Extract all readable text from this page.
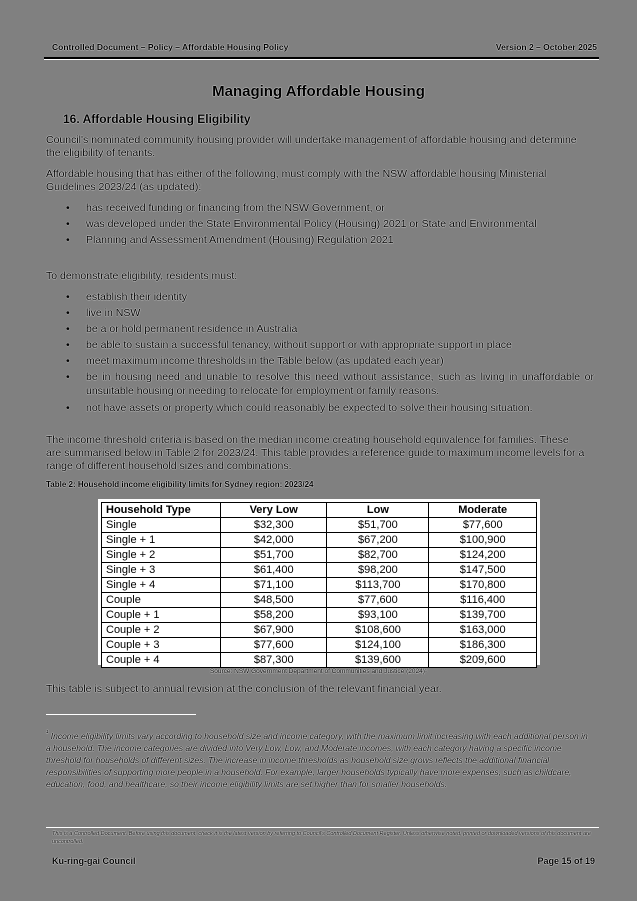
Controlled Document – Policy – Affordable Housing Policy	Version 2 – October 2025
Managing Affordable Housing
16. Affordable Housing Eligibility
Council's nominated community housing provider will undertake management of affordable housing and determine the eligibility of tenants.
Affordable housing that has either of the following, must comply with the NSW affordable housing Ministerial Guidelines 2023/24 (as updated):
• has received funding or financing from the NSW Government, or
• was developed under the State Environmental Policy (Housing) 2021 or State and Environmental
• Planning and Assessment Amendment (Housing) Regulation 2021
To demonstrate eligibility, residents must:
• establish their identity
• live in NSW
• be a or hold permanent residence in Australia
• be able to sustain a successful tenancy, without support or with appropriate support in place
• meet maximum income thresholds in the Table below (as updated each year)
• be in housing need and unable to resolve this need without assistance, such as living in unaffordable or unsuitable housing or needing to relocate for employment or family reasons.
• not have assets or property which could reasonably be expected to solve their housing situation.
The income threshold criteria is based on the median income creating household equivalence for families. These are summarised below in Table 2 for 2023/24. This table provides a reference guide to maximum income levels for a range of different household sizes and combinations.
Table 2: Household income eligibility limits for Sydney region: 2023/24
Household Type	Very Low	Low	Moderate
Single	$32,300	$51,700	$77,600
Single + 1	$42,000	$67,200	$100,900
Single + 2	$51,700	$82,700	$124,200
Single + 3	$61,400	$98,200	$147,500
Single + 4	$71,100	$113,700	$170,800
Couple	$48,500	$77,600	$116,400
Couple + 1	$58,200	$93,100	$139,700
Couple + 2	$67,900	$108,600	$163,000
Couple + 3	$77,600	$124,100	$186,300
Couple + 4	$87,300	$139,600	$209,600
Source: NSW Government Department of Communities and Justice (2024)¹
This table is subject to annual revision at the conclusion of the relevant financial year.
$^{^1}$ Income eligibility limits vary according to household size and income category, with the maximum limit increasing with each additional person in a household. The income categories are divided into Very Low, Low, and Moderate incomes, with each category having a specific income threshold for households of different sizes. The increase in income thresholds as household size grows reflects the additional financial responsibilities of supporting more people in a household. For example, larger households typically have more expenses, such as childcare, education, food, and healthcare, so their income eligibility limits are set higher than for smaller households.
This is a Controlled Document. Before using this document, check it is the latest version by referring to Council's Controlled Document Register. Unless otherwise noted, printed or downloaded versions of this document are uncontrolled.
Ku-ring-gai Council	Page 15 of 19
